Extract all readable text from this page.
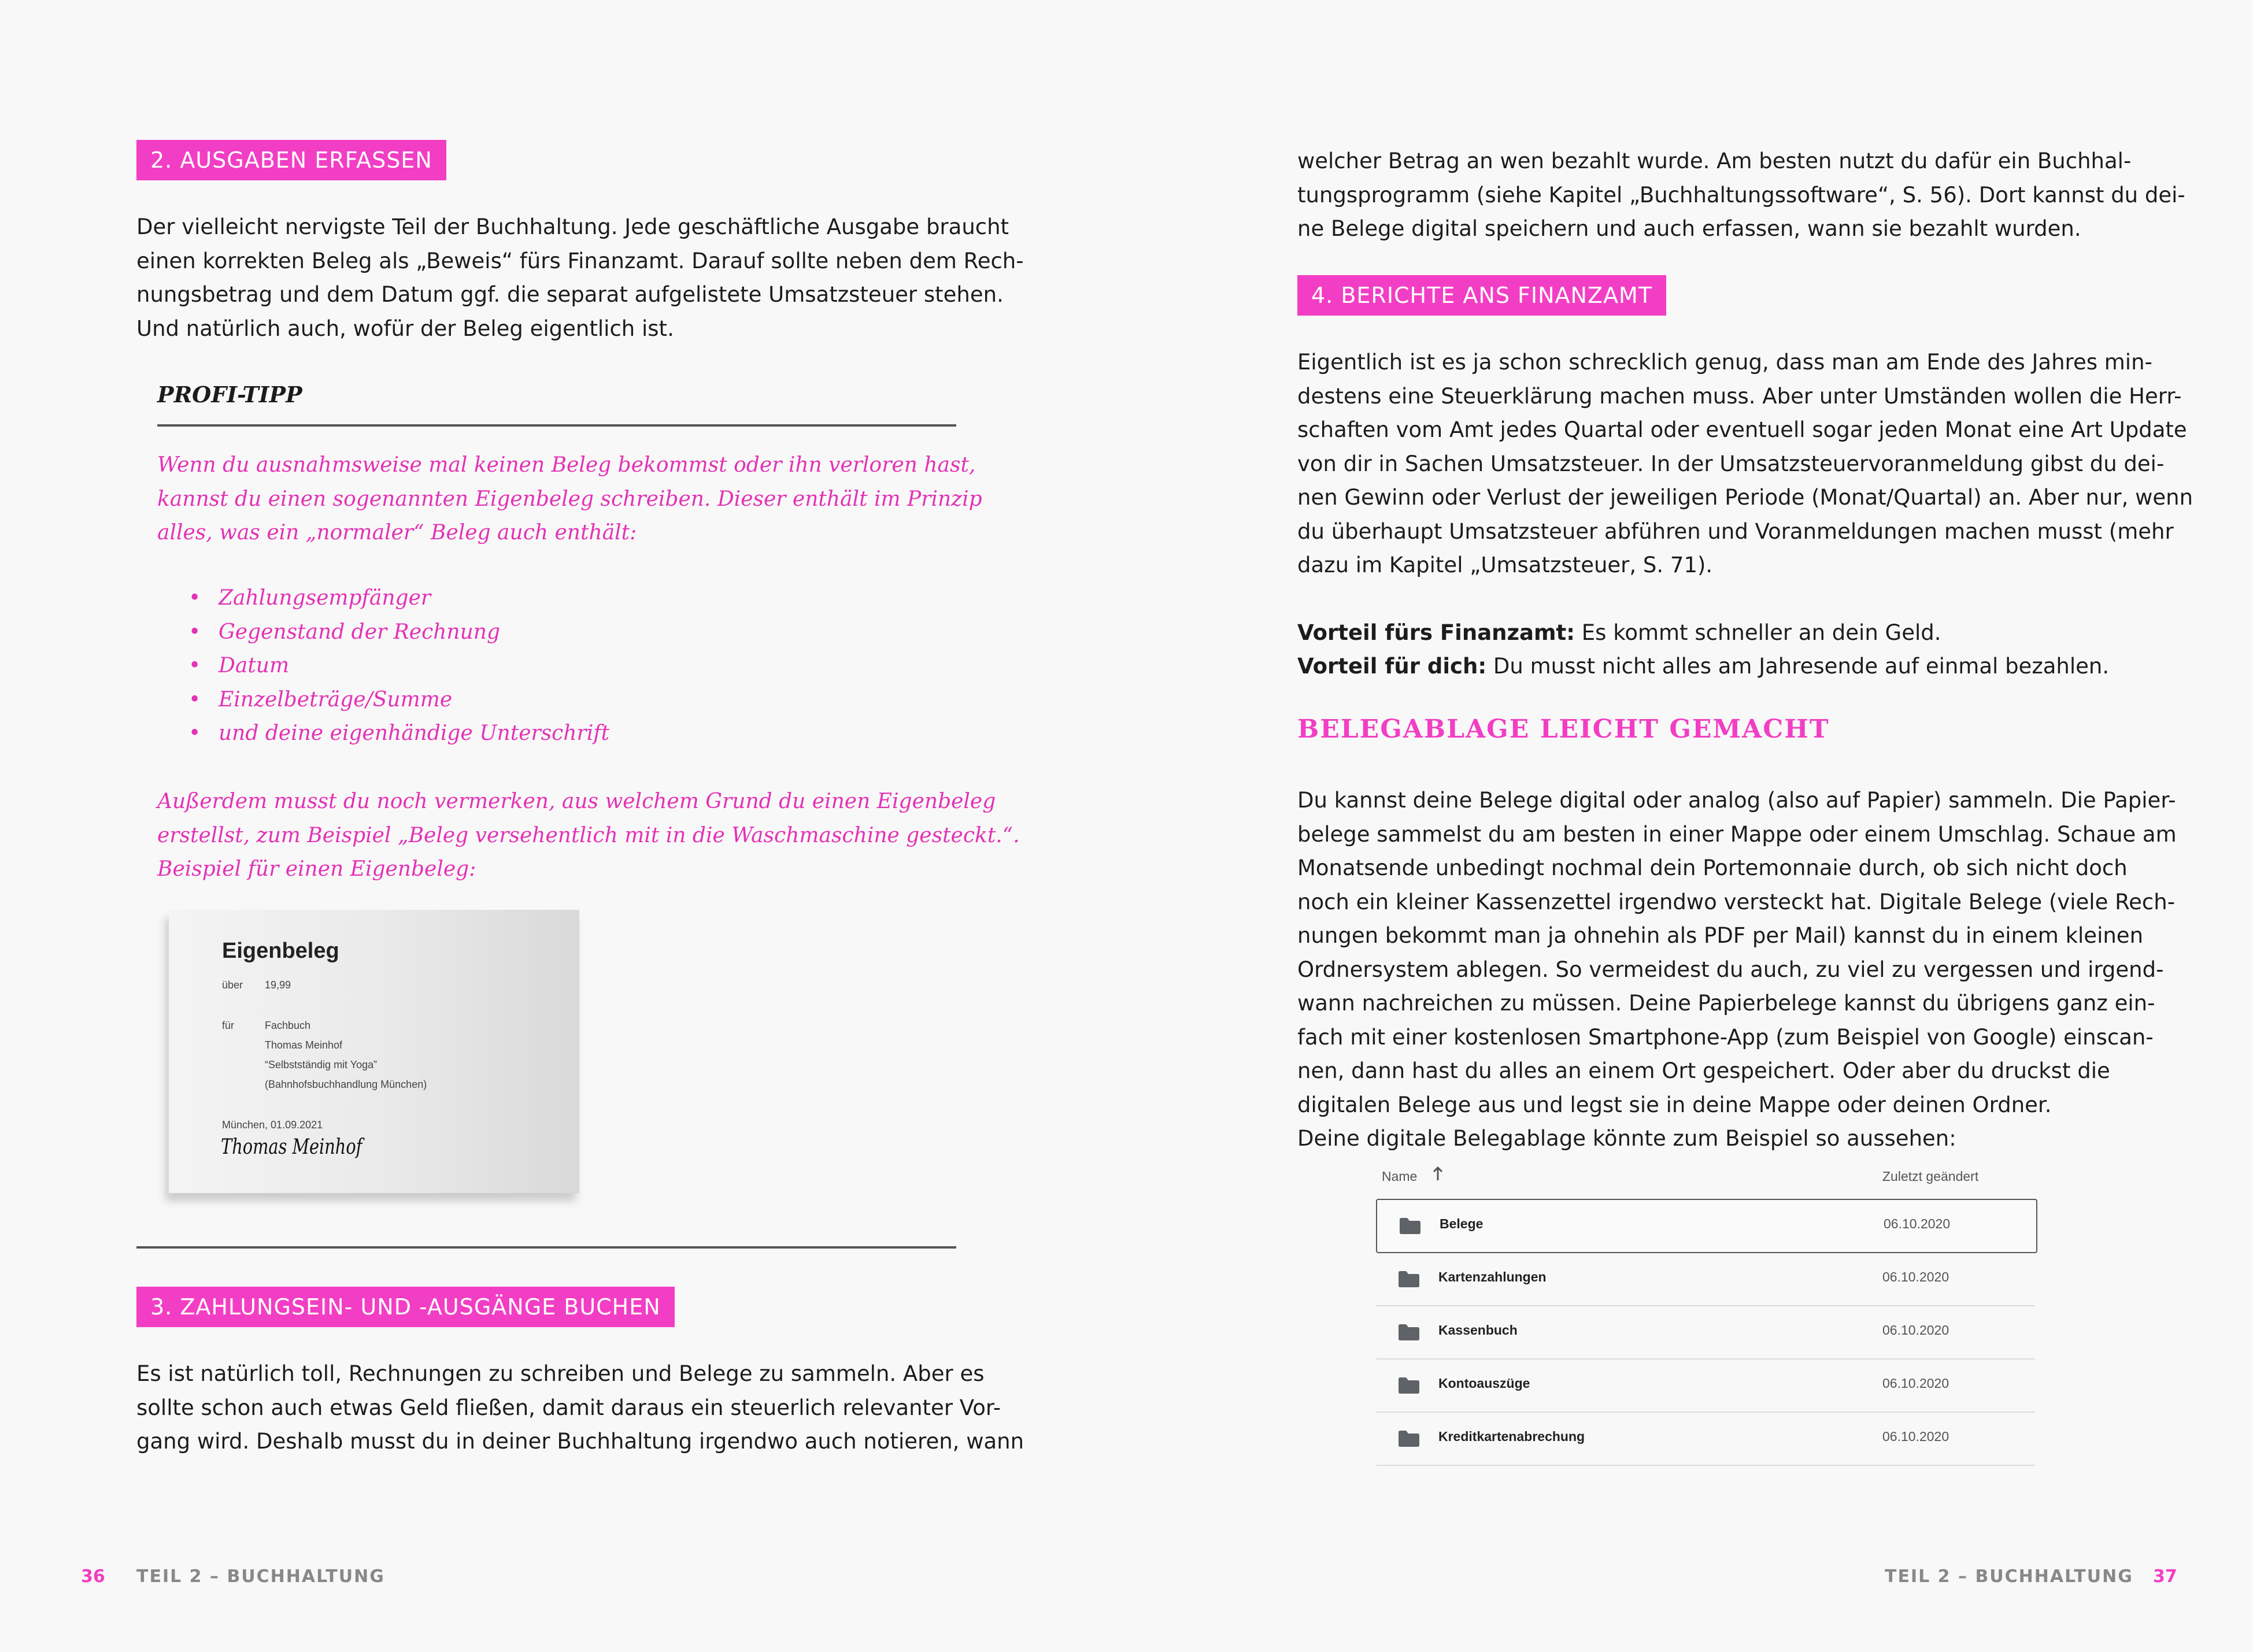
2. AUSGABEN ERFASSEN
Der vielleicht nervigste Teil der Buchhaltung. Jede geschäftliche Ausgabe braucht
einen korrekten Beleg als „Beweis“ fürs Finanzamt. Darauf sollte neben dem Rech-
nungsbetrag und dem Datum ggf. die separat aufgelistete Umsatzsteuer stehen.
Und natürlich auch, wofür der Beleg eigentlich ist.
PROFI-TIPP
Wenn du ausnahmsweise mal keinen Beleg bekommst oder ihn verloren hast,
kannst du einen sogenannten Eigenbeleg schreiben. Dieser enthält im Prinzip
alles, was ein „normaler“ Beleg auch enthält:
• Zahlungsempfänger
• Gegenstand der Rechnung
• Datum
• Einzelbeträge/Summe
• und deine eigenhändige Unterschrift
Außerdem musst du noch vermerken, aus welchem Grund du einen Eigenbeleg
erstellst, zum Beispiel „Beleg versehentlich mit in die Waschmaschine gesteckt.“.
Beispiel für einen Eigenbeleg:
Eigenbeleg
über 19,99
für	Fachbuch
Thomas Meinhof
“Selbstständig mit Yoga”
(Bahnhofsbuchhandlung München)
München, 01.09.2021
Thomas Meinhof
3. ZAHLUNGSEIN- UND -AUSGÄNGE BUCHEN
Es ist natürlich toll, Rechnungen zu schreiben und Belege zu sammeln. Aber es
sollte schon auch etwas Geld fließen, damit daraus ein steuerlich relevanter Vor-
gang wird. Deshalb musst du in deiner Buchhaltung irgendwo auch notieren, wann
36 TEIL 2 – BUCHHALTUNG
welcher Betrag an wen bezahlt wurde. Am besten nutzt du dafür ein Buchhal-
tungsprogramm (siehe Kapitel „Buchhaltungssoftware“, S. 56). Dort kannst du dei-
ne Belege digital speichern und auch erfassen, wann sie bezahlt wurden.
4. BERICHTE ANS FINANZAMT
Eigentlich ist es ja schon schrecklich genug, dass man am Ende des Jahres min-
destens eine Steuerklärung machen muss. Aber unter Umständen wollen die Herr-
schaften vom Amt jedes Quartal oder eventuell sogar jeden Monat eine Art Update
von dir in Sachen Umsatzsteuer. In der Umsatzsteuervoranmeldung gibst du dei-
nen Gewinn oder Verlust der jeweiligen Periode (Monat/Quartal) an. Aber nur, wenn
du überhaupt Umsatzsteuer abführen und Voranmeldungen machen musst (mehr
dazu im Kapitel „Umsatzsteuer, S. 71).
Vorteil fürs Finanzamt: Es kommt schneller an dein Geld.
Vorteil für dich: Du musst nicht alles am Jahresende auf einmal bezahlen.
BELEGABLAGE LEICHT GEMACHT
Du kannst deine Belege digital oder analog (also auf Papier) sammeln. Die Papier-
belege sammelst du am besten in einer Mappe oder einem Umschlag. Schaue am
Monatsende unbedingt nochmal dein Portemonnaie durch, ob sich nicht doch
noch ein kleiner Kassenzettel irgendwo versteckt hat. Digitale Belege (viele Rech-
nungen bekommt man ja ohnehin als PDF per Mail) kannst du in einem kleinen
Ordnersystem ablegen. So vermeidest du auch, zu viel zu vergessen und irgend-
wann nachreichen zu müssen. Deine Papierbelege kannst du übrigens ganz ein-
fach mit einer kostenlosen Smartphone-App (zum Beispiel von Google) einscan-
nen, dann hast du alles an einem Ort gespeichert. Oder aber du druckst die
digitalen Belege aus und legst sie in deine Mappe oder deinen Ordner.
Deine digitale Belegablage könnte zum Beispiel so aussehen:
37
TEIL 2 – BUCHHALTUNG
Name	Zuletzt geändert
Belege	06.10.2020
Kartenzahlungen	06.10.2020
Kassenbuch	06.10.2020
Kontoauszüge	06.10.2020
Kreditkartenabrechung	06.10.2020
